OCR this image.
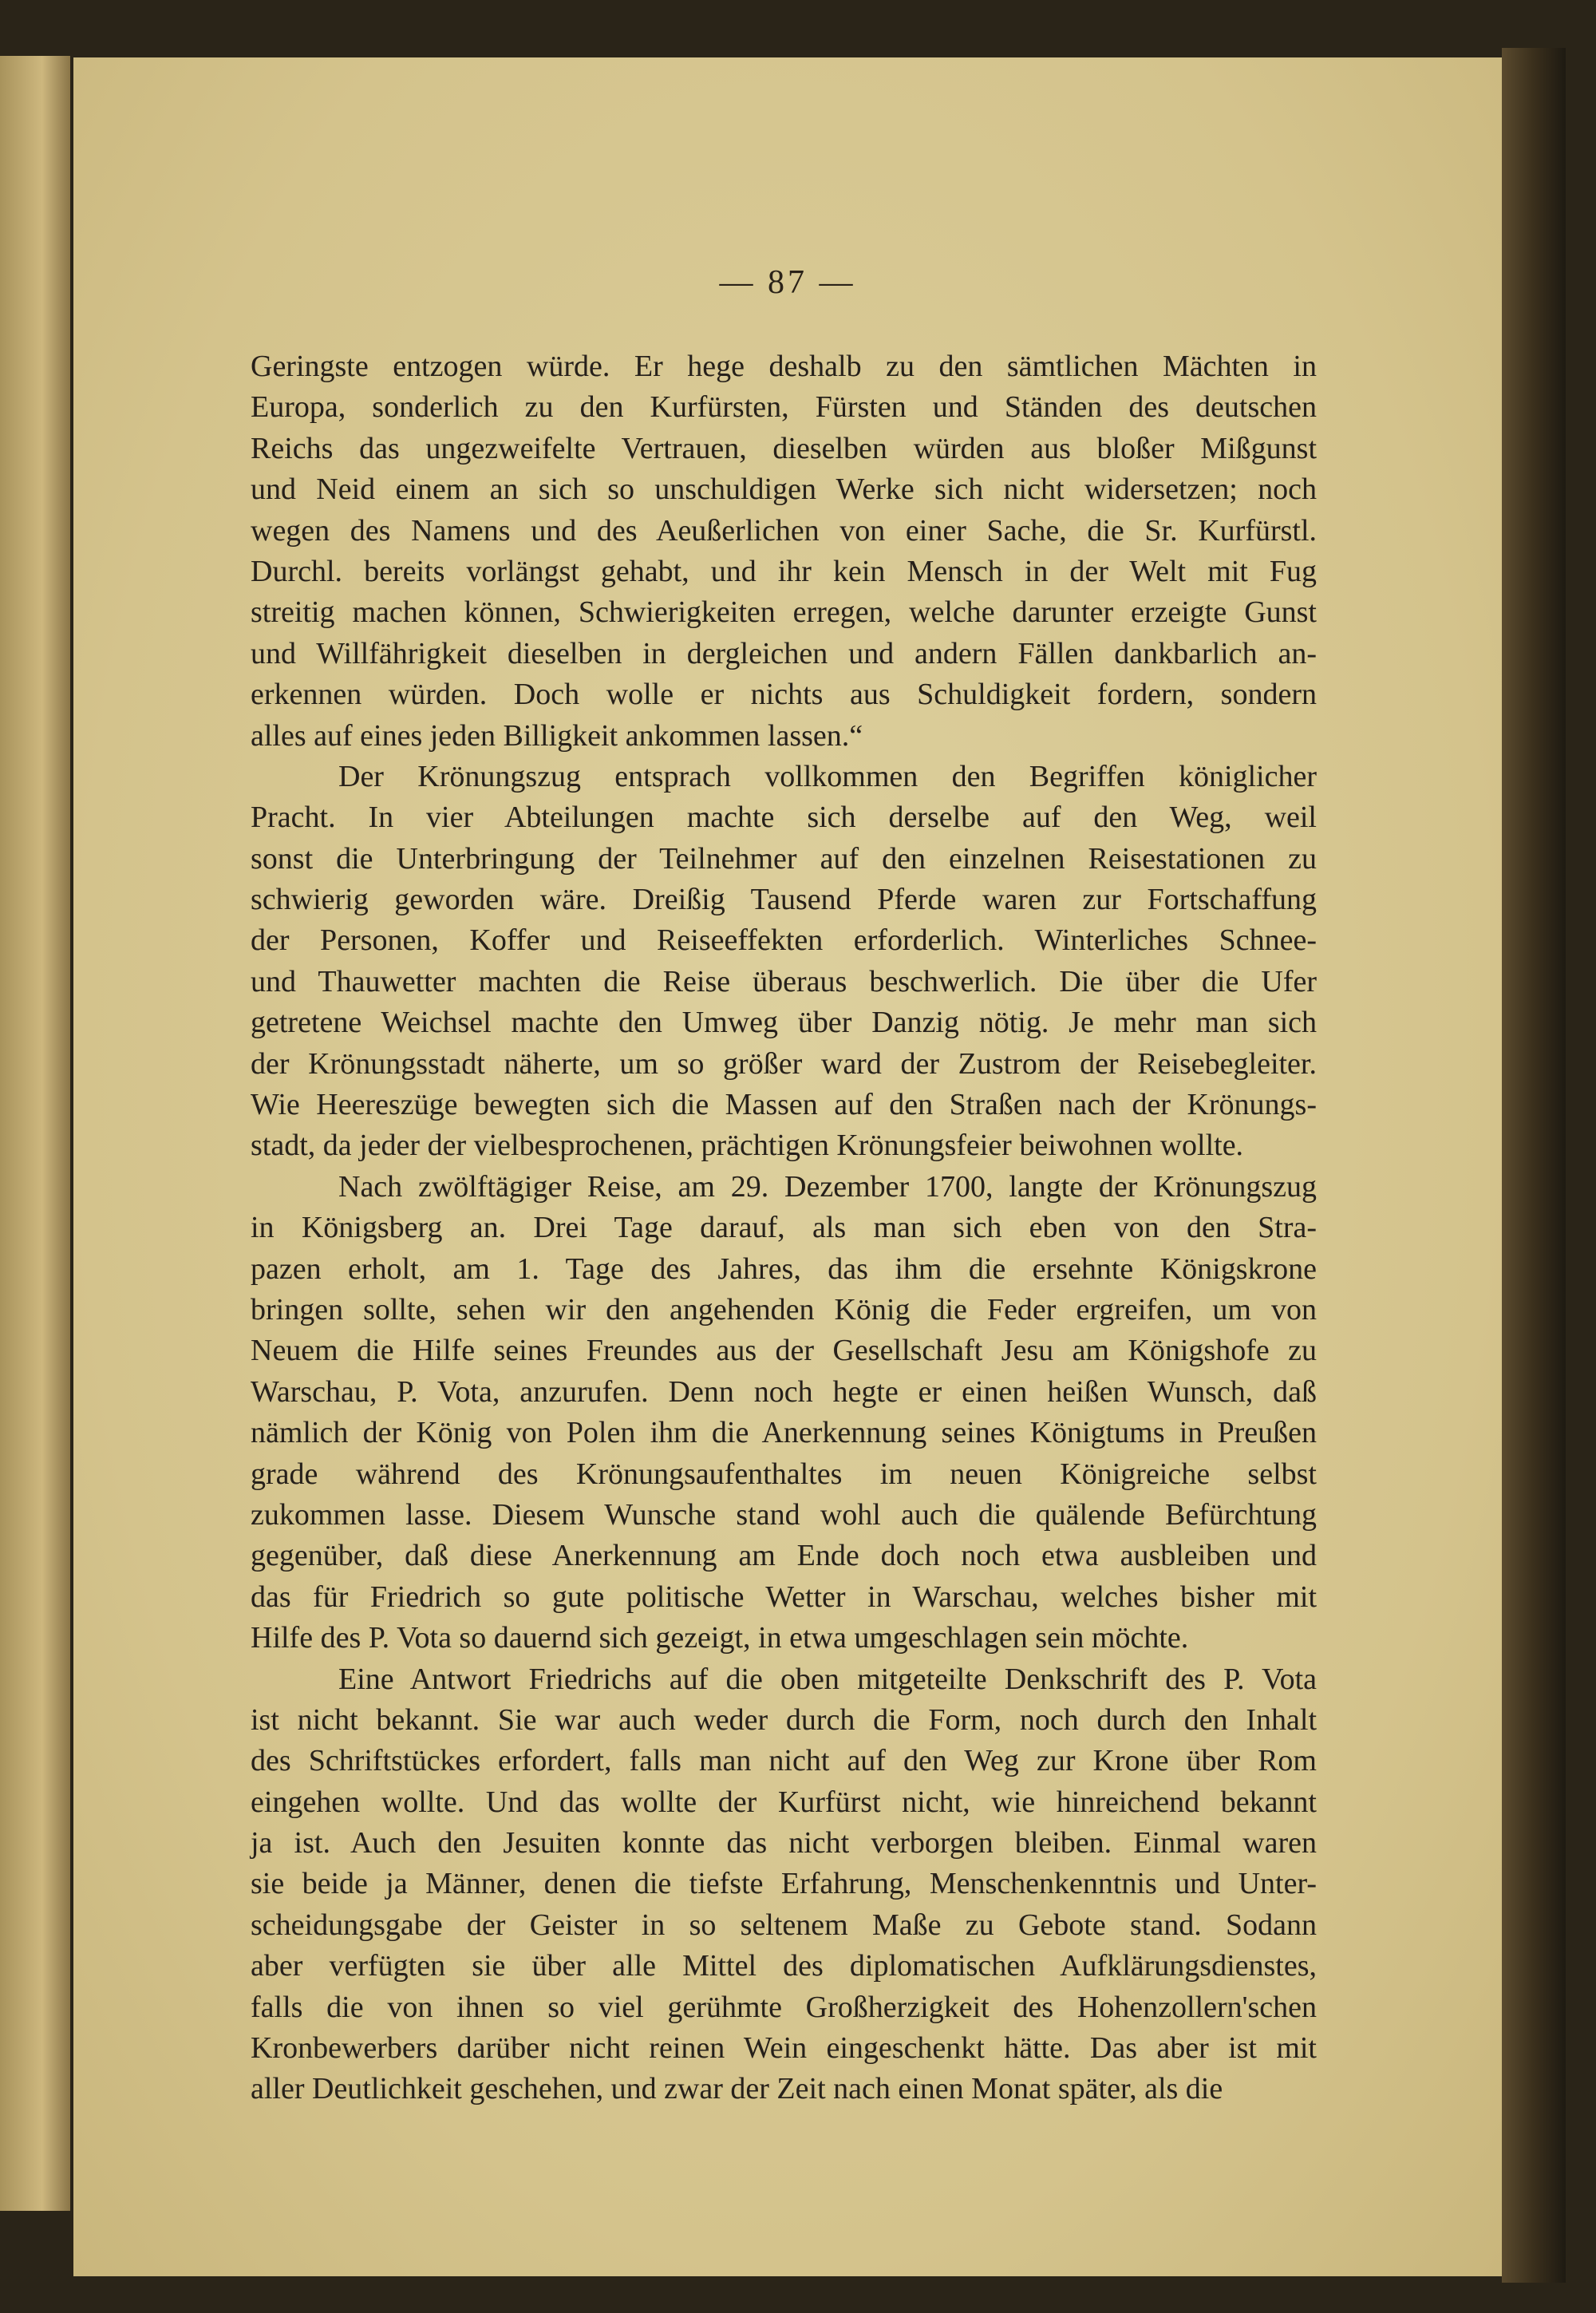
— 87 —
Geringste entzogen würde. Er hege deshalb zu den sämtlichen Mächten in
Europa, sonderlich zu den Kurfürsten, Fürsten und Ständen des deutschen
Reichs das ungezweifelte Vertrauen, dieselben würden aus bloßer Mißgunst
und Neid einem an sich so unschuldigen Werke sich nicht widersetzen; noch
wegen des Namens und des Aeußerlichen von einer Sache, die Sr. Kurfürstl.
Durchl. bereits vorlängst gehabt, und ihr kein Mensch in der Welt mit Fug
streitig machen können, Schwierigkeiten erregen, welche darunter erzeigte Gunst
und Willfährigkeit dieselben in dergleichen und andern Fällen dankbarlich an-
erkennen würden. Doch wolle er nichts aus Schuldigkeit fordern, sondern
alles auf eines jeden Billigkeit ankommen lassen.“
Der Krönungszug entsprach vollkommen den Begriffen königlicher
Pracht. In vier Abteilungen machte sich derselbe auf den Weg, weil
sonst die Unterbringung der Teilnehmer auf den einzelnen Reisestationen zu
schwierig geworden wäre. Dreißig Tausend Pferde waren zur Fortschaffung
der Personen, Koffer und Reiseeffekten erforderlich. Winterliches Schnee-
und Thauwetter machten die Reise überaus beschwerlich. Die über die Ufer
getretene Weichsel machte den Umweg über Danzig nötig. Je mehr man sich
der Krönungsstadt näherte, um so größer ward der Zustrom der Reisebegleiter.
Wie Heereszüge bewegten sich die Massen auf den Straßen nach der Krönungs-
stadt, da jeder der vielbesprochenen, prächtigen Krönungsfeier beiwohnen wollte.
Nach zwölftägiger Reise, am 29. Dezember 1700, langte der Krönungszug
in Königsberg an. Drei Tage darauf, als man sich eben von den Stra-
pazen erholt, am 1. Tage des Jahres, das ihm die ersehnte Königskrone
bringen sollte, sehen wir den angehenden König die Feder ergreifen, um von
Neuem die Hilfe seines Freundes aus der Gesellschaft Jesu am Königshofe zu
Warschau, P. Vota, anzurufen. Denn noch hegte er einen heißen Wunsch, daß
nämlich der König von Polen ihm die Anerkennung seines Königtums in Preußen
grade während des Krönungsaufenthaltes im neuen Königreiche selbst
zukommen lasse. Diesem Wunsche stand wohl auch die quälende Befürchtung
gegenüber, daß diese Anerkennung am Ende doch noch etwa ausbleiben und
das für Friedrich so gute politische Wetter in Warschau, welches bisher mit
Hilfe des P. Vota so dauernd sich gezeigt, in etwa umgeschlagen sein möchte.
Eine Antwort Friedrichs auf die oben mitgeteilte Denkschrift des P. Vota
ist nicht bekannt. Sie war auch weder durch die Form, noch durch den Inhalt
des Schriftstückes erfordert, falls man nicht auf den Weg zur Krone über Rom
eingehen wollte. Und das wollte der Kurfürst nicht, wie hinreichend bekannt
ja ist. Auch den Jesuiten konnte das nicht verborgen bleiben. Einmal waren
sie beide ja Männer, denen die tiefste Erfahrung, Menschenkenntnis und Unter-
scheidungsgabe der Geister in so seltenem Maße zu Gebote stand. Sodann
aber verfügten sie über alle Mittel des diplomatischen Aufklärungsdienstes,
falls die von ihnen so viel gerühmte Großherzigkeit des Hohenzollern'schen
Kronbewerbers darüber nicht reinen Wein eingeschenkt hätte. Das aber ist mit
aller Deutlichkeit geschehen, und zwar der Zeit nach einen Monat später, als die
